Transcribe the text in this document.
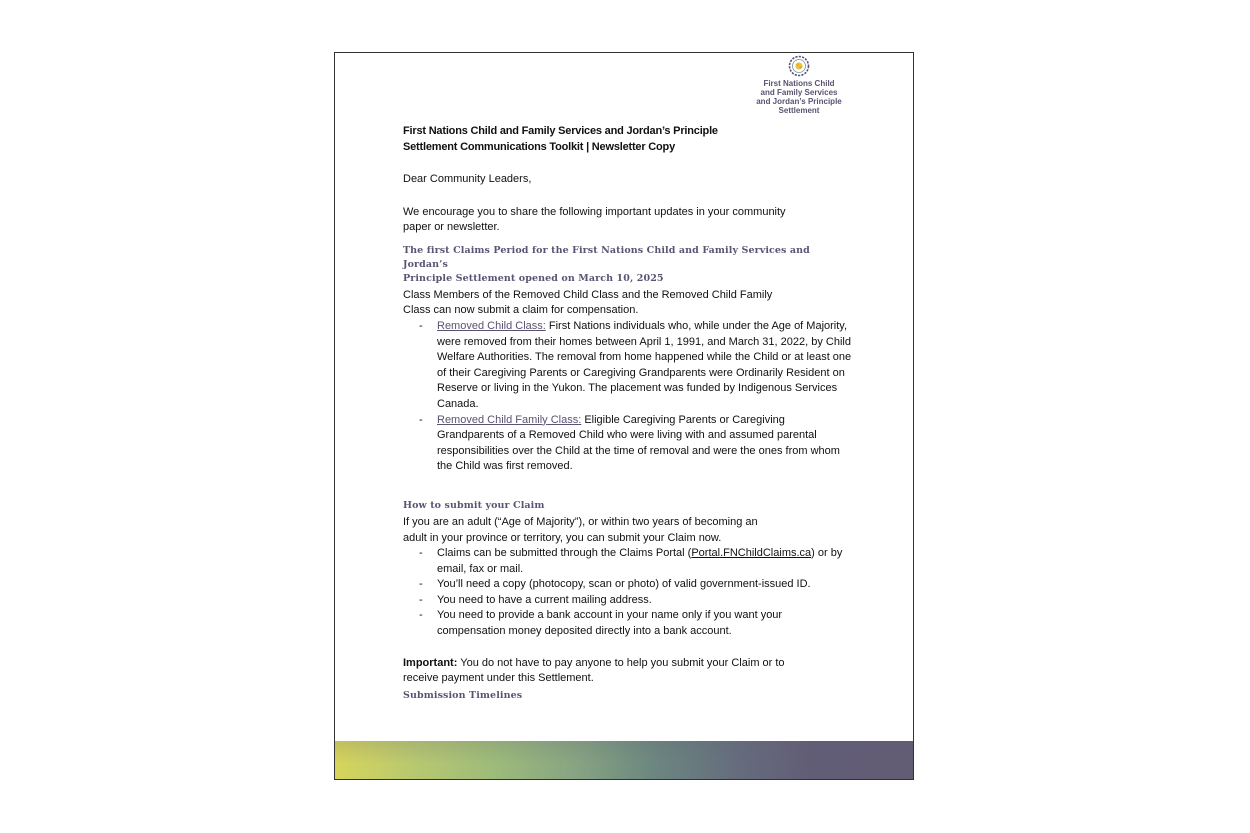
First Nations Child
and Family Services
and Jordan’s Principle
Settlement
First Nations Child and Family Services and Jordan’s Principle
Settlement Communications Toolkit | Newsletter Copy

Dear Community Leaders,

We encourage you to share the following important updates in your community

paper or newsletter.

The first Claims Period for the First Nations Child and Family Services and Jordan’s
Principle Settlement opened on March 10, 2025

Class Members of the Removed Child Class and the Removed Child Family

Class can now submit a claim for compensation.

- Removed Child Class: First Nations individuals who, while under the Age of Majority, were removed from their homes between April 1, 1991, and March 31, 2022, by Child Welfare Authorities. The removal from home happened while the Child or at least one of their Caregiving Parents or Caregiving Grandparents were Ordinarily Resident on Reserve or living in the Yukon. The placement was funded by Indigenous Services Canada.
- Removed Child Family Class: Eligible Caregiving Parents or Caregiving Grandparents of a Removed Child who were living with and assumed parental responsibilities over the Child at the time of removal and were the ones from whom the Child was first removed.
How to submit your Claim

If you are an adult (“Age of Majority”), or within two years of becoming an

adult in your province or territory, you can submit your Claim now.

- Claims can be submitted through the Claims Portal (Portal.FNChildClaims.ca) or by email, fax or mail.
- You’ll need a copy (photocopy, scan or photo) of valid government-issued ID.
- You need to have a current mailing address.
- You need to provide a bank account in your name only if you want your compensation money deposited directly into a bank account.

Important: You do not have to pay anyone to help you submit your Claim or to receive payment under this Settlement.

Submission Timelines
